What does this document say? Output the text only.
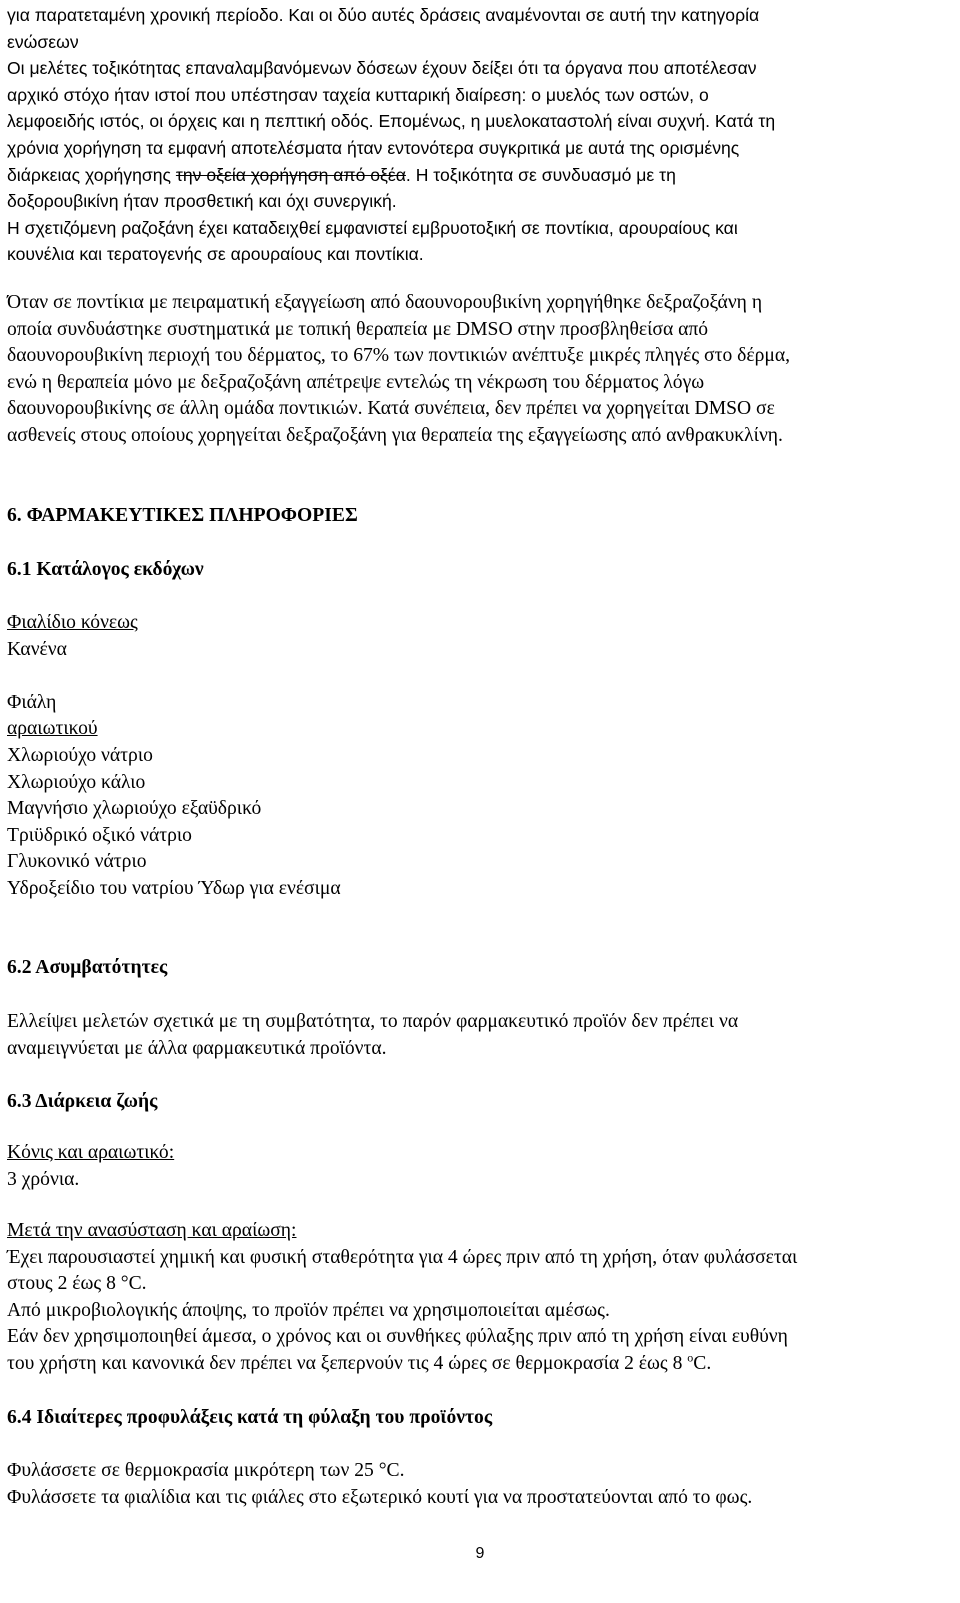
για παρατεταμένη χρονική περίοδο. Και οι δύο αυτές δράσεις αναμένονται σε αυτή την κατηγορία
ενώσεων
Οι μελέτες τοξικότητας επαναλαμβανόμενων δόσεων έχουν δείξει ότι τα όργανα που αποτέλεσαν
αρχικό στόχο ήταν ιστοί που υπέστησαν ταχεία κυτταρική διαίρεση: ο μυελός των οστών, ο
λεμφοειδής ιστός, οι όρχεις και η πεπτική οδός. Επομένως, η μυελοκαταστολή είναι συχνή. Κατά τη
χρόνια χορήγηση τα εμφανή αποτελέσματα ήταν εντονότερα συγκριτικά με αυτά της ορισμένης
διάρκειας χορήγησης την οξεία χορήγηση από οξέα. Η τοξικότητα σε συνδυασμό με τη
δοξορουβικίνη ήταν προσθετική και όχι συνεργική.
Η σχετιζόμενη ραζοξάνη έχει καταδειχθεί εμφανιστεί εμβρυοτοξική σε ποντίκια, αρουραίους και
κουνέλια και τερατογενής σε αρουραίους και ποντίκια.
Όταν σε ποντίκια με πειραματική εξαγγείωση από δαουνορουβικίνη χορηγήθηκε δεξραζοξάνη η
οποία συνδυάστηκε συστηματικά με τοπική θεραπεία με DMSO στην προσβληθείσα από
δαουνορουβικίνη περιοχή του δέρματος, το 67% των ποντικιών ανέπτυξε μικρές πληγές στο δέρμα,
ενώ η θεραπεία μόνο με δεξραζοξάνη απέτρεψε εντελώς τη νέκρωση του δέρματος λόγω
δαουνορουβικίνης σε άλλη ομάδα ποντικιών. Κατά συνέπεια, δεν πρέπει να χορηγείται DMSO σε
ασθενείς στους οποίους χορηγείται δεξραζοξάνη για θεραπεία της εξαγγείωσης από ανθρακυκλίνη.
6. ΦΑΡΜΑΚΕΥΤΙΚΕΣ ΠΛΗΡΟΦΟΡΙΕΣ
6.1 Κατάλογος εκδόχων
Φιαλίδιο κόνεως
Κανένα

Φιάλη
αραιωτικού
Χλωριούχο νάτριο
Χλωριούχο κάλιο
Μαγνήσιο χλωριούχο εξαϋδρικό
Τριϋδρικό οξικό νάτριο
Γλυκονικό νάτριο
Υδροξείδιο του νατρίου Ύδωρ για ενέσιμα
6.2 Ασυμβατότητες
Ελλείψει μελετών σχετικά με τη συμβατότητα, το παρόν φαρμακευτικό προϊόν δεν πρέπει να
αναμειγνύεται με άλλα φαρμακευτικά προϊόντα.
6.3 Διάρκεια ζωής
Κόνις και αραιωτικό:
3 χρόνια.
Μετά την ανασύσταση και αραίωση:
Έχει παρουσιαστεί χημική και φυσική σταθερότητα για 4 ώρες πριν από τη χρήση, όταν φυλάσσεται
στους 2 έως 8 °C.
Από μικροβιολογικής άποψης, το προϊόν πρέπει να χρησιμοποιείται αμέσως.
Εάν δεν χρησιμοποιηθεί άμεσα, ο χρόνος και οι συνθήκες φύλαξης πριν από τη χρήση είναι ευθύνη
του χρήστη και κανονικά δεν πρέπει να ξεπερνούν τις 4 ώρες σε θερμοκρασία 2 έως 8 $^o$C.
6.4 Ιδιαίτερες προφυλάξεις κατά τη φύλαξη του προϊόντος
Φυλάσσετε σε θερμοκρασία μικρότερη των 25 °C.
Φυλάσσετε τα φιαλίδια και τις φιάλες στο εξωτερικό κουτί για να προστατεύονται από το φως.
9
